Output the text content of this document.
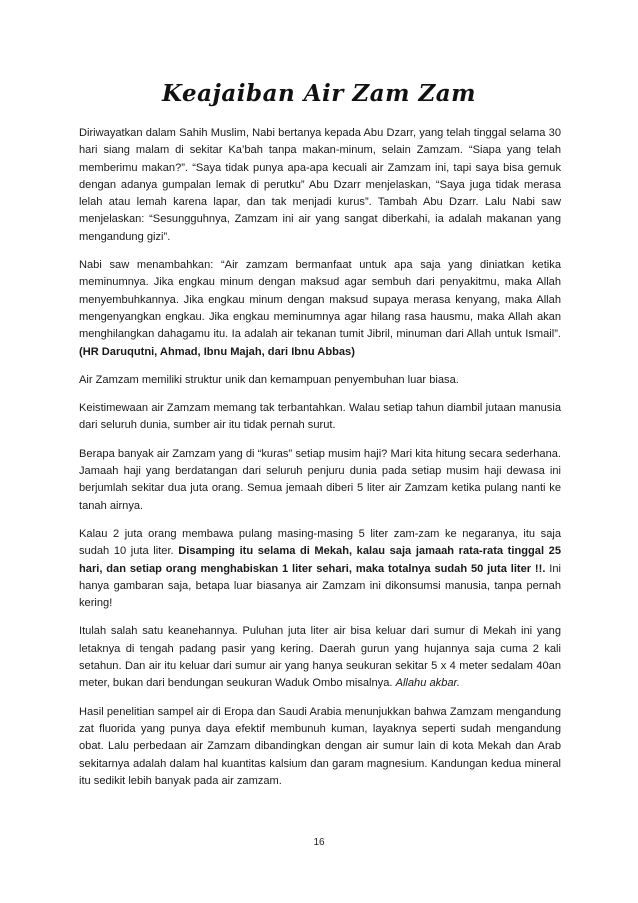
Keajaiban Air Zam Zam

Diriwayatkan dalam Sahih Muslim, Nabi bertanya kepada Abu Dzarr, yang telah tinggal selama 30 hari siang malam di sekitar Ka’bah tanpa makan-minum, selain Zamzam. “Siapa yang telah memberimu makan?”. “Saya tidak punya apa-apa kecuali air Zamzam ini, tapi saya bisa gemuk dengan adanya gumpalan lemak di perutku” Abu Dzarr menjelaskan, “Saya juga tidak merasa lelah atau lemah karena lapar, dan tak menjadi kurus”. Tambah Abu Dzarr. Lalu Nabi saw menjelaskan: “Sesungguhnya, Zamzam ini air yang sangat diberkahi, ia adalah makanan yang mengandung gizi”.

Nabi saw menambahkan: “Air zamzam bermanfaat untuk apa saja yang diniatkan ketika meminumnya. Jika engkau minum dengan maksud agar sembuh dari penyakitmu, maka Allah menyembuhkannya. Jika engkau minum dengan maksud supaya merasa kenyang, maka Allah mengenyangkan engkau. Jika engkau meminumnya agar hilang rasa hausmu, maka Allah akan menghilangkan dahagamu itu. Ia adalah air tekanan tumit Jibril, minuman dari Allah untuk Ismail”. (HR Daruqutni, Ahmad, Ibnu Majah, dari Ibnu Abbas)

Air Zamzam memiliki struktur unik dan kemampuan penyembuhan luar biasa.

Keistimewaan air Zamzam memang tak terbantahkan. Walau setiap tahun diambil jutaan manusia dari seluruh dunia, sumber air itu tidak pernah surut.

Berapa banyak air Zamzam yang di “kuras” setiap musim haji? Mari kita hitung secara sederhana. Jamaah haji yang berdatangan dari seluruh penjuru dunia pada setiap musim haji dewasa ini berjumlah sekitar dua juta orang. Semua jemaah diberi 5 liter air Zamzam ketika pulang nanti ke tanah airnya.

Kalau 2 juta orang membawa pulang masing-masing 5 liter zam-zam ke negaranya, itu saja sudah 10 juta liter. Disamping itu selama di Mekah, kalau saja jamaah rata-rata tinggal 25 hari, dan setiap orang menghabiskan 1 liter sehari, maka totalnya sudah 50 juta liter !!. Ini hanya gambaran saja, betapa luar biasanya air Zamzam ini dikonsumsi manusia, tanpa pernah kering!

Itulah salah satu keanehannya. Puluhan juta liter air bisa keluar dari sumur di Mekah ini yang letaknya di tengah padang pasir yang kering. Daerah gurun yang hujannya saja cuma 2 kali setahun. Dan air itu keluar dari sumur air yang hanya seukuran sekitar 5 x 4 meter sedalam 40an meter, bukan dari bendungan seukuran Waduk Ombo misalnya. Allahu akbar.

Hasil penelitian sampel air di Eropa dan Saudi Arabia menunjukkan bahwa Zamzam mengandung zat fluorida yang punya daya efektif membunuh kuman, layaknya seperti sudah mengandung obat. Lalu perbedaan air Zamzam dibandingkan dengan air sumur lain di kota Mekah dan Arab sekitarnya adalah dalam hal kuantitas kalsium dan garam magnesium. Kandungan kedua mineral itu sedikit lebih banyak pada air zamzam.

16
